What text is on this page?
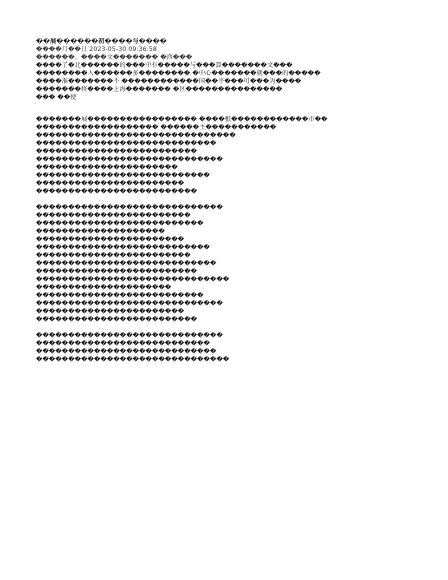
��展������初����与����
����月��日 2023-05-30 09:36:58
������、����文������� �西���
����了�北������的���中有�����与���算�������文���
��������入������多�������� �中心�������就���的�����
����准�������不 ������������国��平���可���为����
�������将����上海������� �区���������������
��� ��使
�������展����������������� ����根������������市��
������������������� ������主�����������
�������������������������������
����������������������������
�������������������������
�����������������������������
����������������������
���������������������������
�����������������������
�������������������������
�����������������������������
������������������������
��������������������������
��������������������
�����������������������
���������������������������
������������������������
����������������������������
�������������������������
������������������������������
���������������������
��������������������������
�����������������������������
�����������������������
�������������������������
�����������������������������
���������������������������
����������������������������
������������������������������
